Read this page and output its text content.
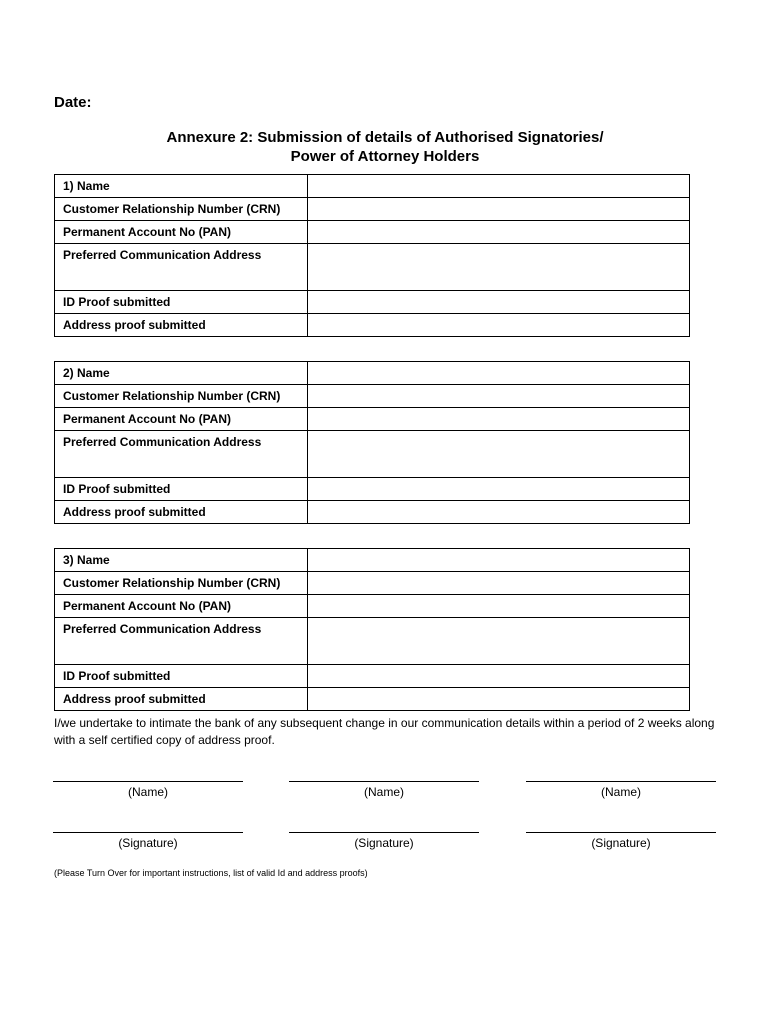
Date:
Annexure 2: Submission of details of Authorised Signatories/
Power of Attorney Holders
1) Name	
Customer Relationship Number (CRN)	
Permanent Account No (PAN)	
Preferred Communication Address	
ID Proof submitted	
Address proof submitted	
2) Name	
Customer Relationship Number (CRN)	
Permanent Account No (PAN)	
Preferred Communication Address	
ID Proof submitted	
Address proof submitted	
3) Name	
Customer Relationship Number (CRN)	
Permanent Account No (PAN)	
Preferred Communication Address	
ID Proof submitted	
Address proof submitted	
I/we undertake to intimate the bank of any subsequent change in our communication details within a period of 2 weeks along with a self certified copy of address proof.
(Name)	(Name)	(Name)
(Signature)	(Signature)	(Signature)
(Please Turn Over for important instructions, list of valid Id and address proofs)
